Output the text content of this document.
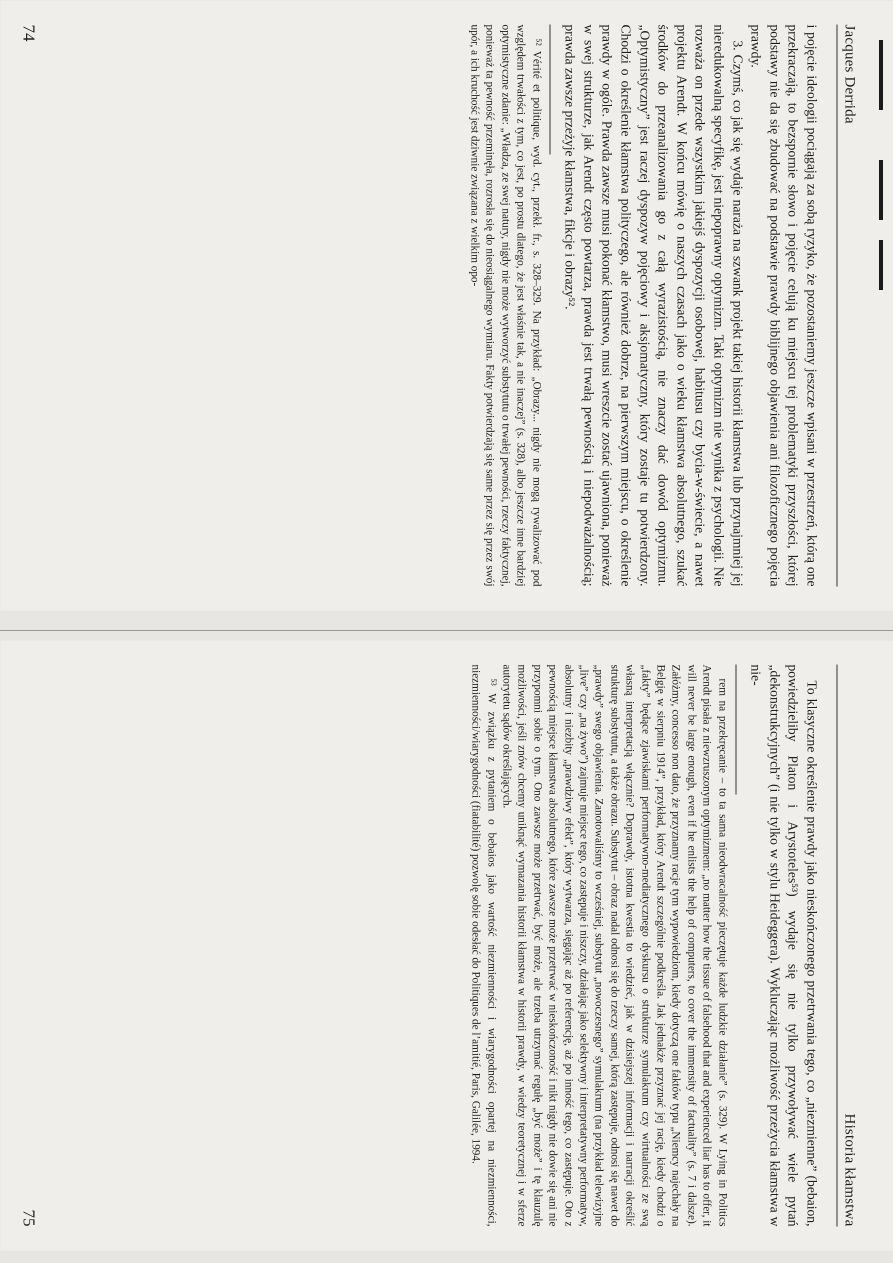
Jacques Derrida

i pojęcie ideologii pociągają za sobą ryzyko, że pozostaniemy jeszcze wpisani w przestrzeń, którą one przekraczają, to bezspornie słowo i pojęcie celują ku miejscu tej problematyki przyszłości, której podstawy nie da się zbudować na podstawie prawdy biblijnego objawienia ani filozoficznego pojęcia prawdy.

3. Czymś, co jak się wydaje naraża na szwank projekt takiej historii kłamstwa lub przynajmniej jej nieredukowalną specyfikę, jest niepoprawny optymizm. Taki optymizm nie wynika z psychologii. Nie rozważa on przede wszystkim jakiejś dyspozycji osobowej, habitusu czy bycia-w-świecie, a nawet projektu Arendt. W końcu mówię o naszych czasach jako o wieku kłamstwa absolutnego, szukać środków do przeanalizowania go z całą wyrazistością, nie znaczy dać dowód optymizmu. „Optymistyczny” jest raczej dyspozyw pojęciowy i aksjomatyczny, który zostaje tu potwierdzony. Chodzi o określenie kłamstwa polityczego, ale również dobrze, na pierwszym miejscu, o określenie prawdy w ogóle. Prawda zawsze musi pokonać kłamstwo, musi wreszcie zostać ujawniona, ponieważ w swej strukturze, jak Arendt często powtarza, prawda jest trwałą pewnością i niepodważalnością; prawda zawsze przeżyje kłamstwa, fikcje i obrazy⁵².

⁵² Vérité et politique, wyd. cyt., przekł. fr., s. 328–329. Na przykład: „Obrazy... nigdy nie mogą rywalizować pod względem trwałości z tym, co jest, po prostu dlatego, że jest właśnie tak, a nie inaczej” (s. 328), albo jeszcze inne bardziej optymistyczne zdanie: „Władza, ze swej natury, nigdy nie może wytworzyć substytutu o trwałej pewności, rzeczy faktycznej, ponieważ ta pewność przeminęła, rozrosła się do nieosiągalnego wymiaru. Fakty potwierdzają się same przez się przez swój upór, a ich kruchość jest dziwnie związana z wielkim opo-

74
Historia kłamstwa

To klasyczne określenie prawdy jako nieskończonego przetrwania tego, co „niezmienne” (bebaion, powiedzieliby Platon i Arystoteles⁵³) wydaje się nie tylko przywoływać wiele pytań „dekonstrukcyjnych” (i nie tylko w stylu Heideggera). Wykluczając możliwość przeżycia kłamstwa w nie-

rem na przekręcanie – to ta sama nieodwracalność pieczętuje każde ludzkie działanie” (s. 329). W Lying in Politics Arendt pisała z niewzruszonym optymizmem: „no matter how the tissue of falsehood that and experienced liar has to offer, it will never be large enough, even if he enlists the help of computers, to cover the immensity of factuality” (s. 7 i dalsze). Załóżmy, concesso non dato, że przyznamy racje tym wypowiedziom, kiedy dotyczą one faktów typu „Niemcy najechały na Belgię w sierpniu 1914”, przykład, który Arendt szczególnie podkreśla. Jak jednakże przyznać jej rację, kiedy chodzi o „fakty” będące zjawiskami performatywno-mediatycznego dyskursu o strukturze symulakrum czy wirtualności ze swą własną interpretacją włącznie? Doprawdy, istotna kwestia to wiedzieć, jak w dzisiejszej informacji i narracji określić strukturę substytutu, a także obrazu. Substytut – obraz nadal odnosi się do rzeczy samej, którą zastępuje, odnosi się nawet do „prawdy” swego objawienia. Zanotowaliśmy to wcześniej, substytut „nowoczesnego” symulakrum (na przykład telewizyjne „live” czy „na żywo”) zajmuje miejsce tego, co zastępuje i niszczy, działając jako selektywny i interpretatywny performatyw, absolutny i niezbity „prawdziwy efekt”, który wytwarza, sięgając aż po referencję, aż po inność tego, co zastępuje. Oto z pewnością miejsce kłamstwa absolutnego, które zawsze może przetrwać w nieskończoność i nikt nigdy nie dowie się ani nie przypomni sobie o tym. Ono zawsze może przetrwać, być może, ale trzeba utrzymać regułę „być może” i tę klauzulę możliwości, jeśli znów chcemy uniknąć wymazania historii kłamstwa w historii prawdy, w wiedzy teoretycznej i w sferze autorytetu sądów określających.

⁵³ W związku z pytaniem o bebaios jako wartość niezmienności i wiarygodności opartej na niezmienności, niezmienności/wiarygodności (fiatabilité) pozwolę sobie odesłać do Politiques de l’amitié, Paris, Galilée, 1994.

75
